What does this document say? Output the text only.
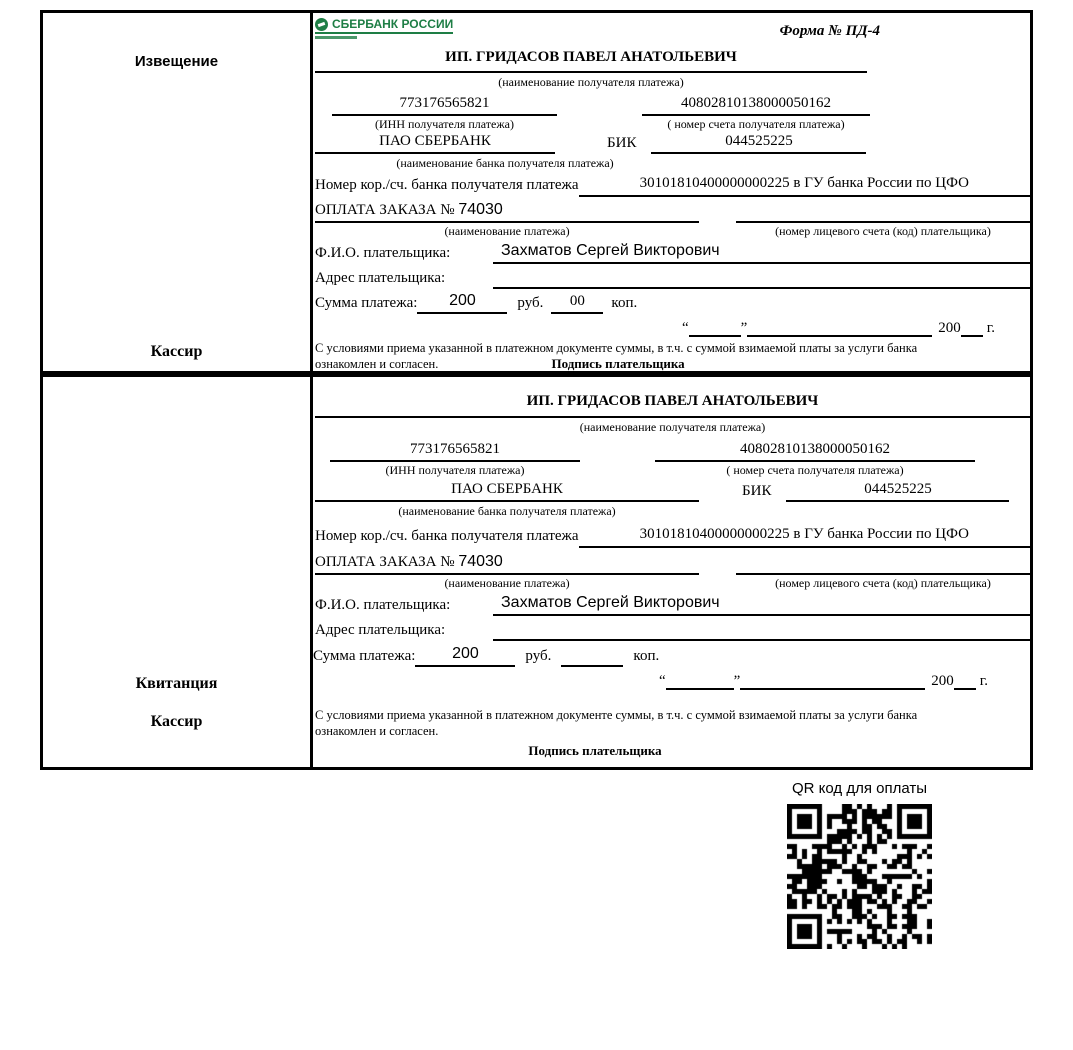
Извещение
Кассир
СБЕРБАНК РОССИИ	Форма № ПД-4
ИП. ГРИДАСОВ ПАВЕЛ АНАТОЛЬЕВИЧ
(наименование получателя платежа)
773176565821	40802810138000050162
(ИНН получателя платежа)	( номер счета получателя платежа)
ПАО СБЕРБАНК	БИК	044525225
(наименование банка получателя платежа)
Номер кор./сч. банка получателя платежа	30101810400000000225 в ГУ банка России по ЦФО
ОПЛАТА ЗАКАЗА № 74030
(наименование платежа)	(номер лицевого счета (код) плательщика)
Ф.И.О. плательщика:	Захматов Сергей Викторович
Адрес плательщика:
Сумма платежа:	200	руб.	00	коп.
“	”	200 г.
С условиями приема указанной в платежном документе суммы, в т.ч. с суммой взимаемой платы за услуги банка
ознакомлен и согласен.	Подпись плательщика
Квитанция
Кассир
ИП. ГРИДАСОВ ПАВЕЛ АНАТОЛЬЕВИЧ
(наименование получателя платежа)
773176565821	40802810138000050162
(ИНН получателя платежа)	( номер счета получателя платежа)
ПАО СБЕРБАНК	БИК	044525225
(наименование банка получателя платежа)
Номер кор./сч. банка получателя платежа	30101810400000000225 в ГУ банка России по ЦФО
ОПЛАТА ЗАКАЗА № 74030
(наименование платежа)	(номер лицевого счета (код) плательщика)
Ф.И.О. плательщика:	Захматов Сергей Викторович
Адрес плательщика:
Сумма платежа:	200	руб.	коп.
“	”	200 г.
С условиями приема указанной в платежном документе суммы, в т.ч. с суммой взимаемой платы за услуги банка
ознакомлен и согласен.
Подпись плательщика
QR код для оплаты
